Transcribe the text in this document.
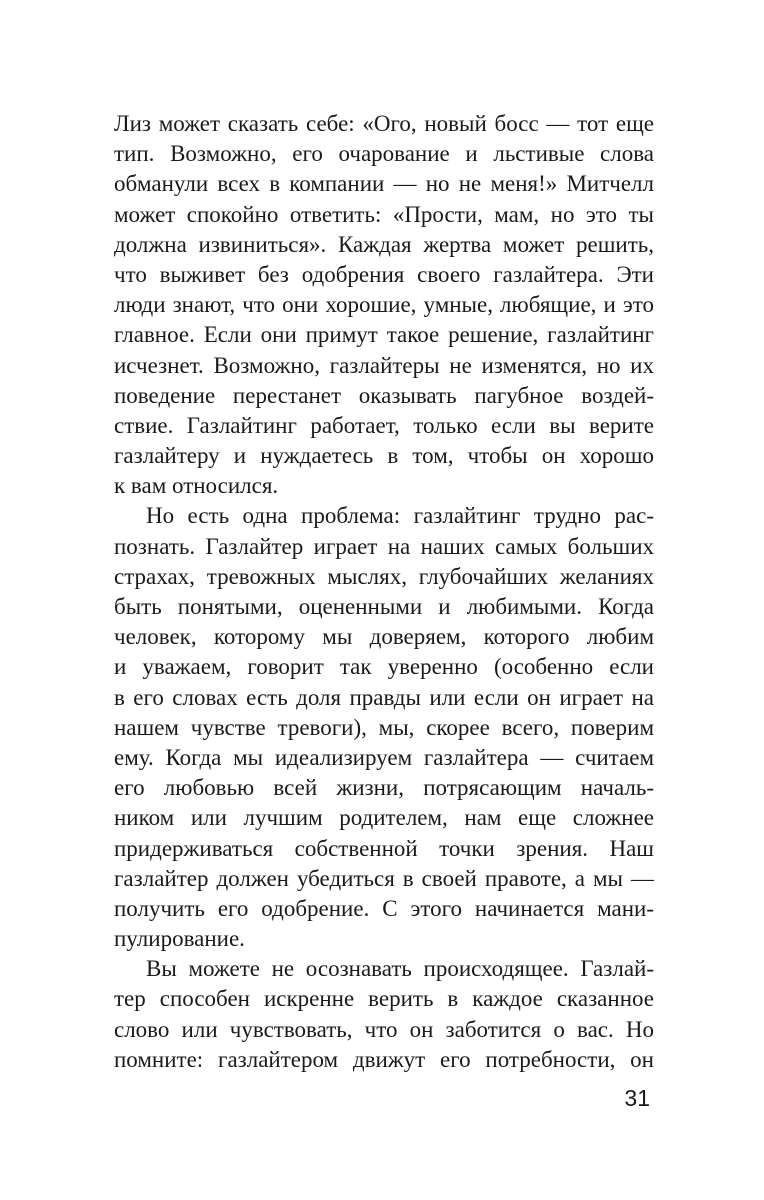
Лиз может сказать себе: «Ого, новый босс — тот еще
тип. Возможно, его очарование и льстивые слова
обманули всех в компании — но не меня!» Митчелл
может спокойно ответить: «Прости, мам, но это ты
должна извиниться». Каждая жертва может решить,
что выживет без одобрения своего газлайтера. Эти
люди знают, что они хорошие, умные, любящие, и это
главное. Если они примут такое решение, газлайтинг
исчезнет. Возможно, газлайтеры не изменятся, но их
поведение перестанет оказывать пагубное воздей-
ствие. Газлайтинг работает, только если вы верите
газлайтеру и нуждаетесь в том, чтобы он хорошо
к вам относился.
Но есть одна проблема: газлайтинг трудно рас-
познать. Газлайтер играет на наших самых больших
страхах, тревожных мыслях, глубочайших желаниях
быть понятыми, оцененными и любимыми. Когда
человек, которому мы доверяем, которого любим
и уважаем, говорит так уверенно (особенно если
в его словах есть доля правды или если он играет на
нашем чувстве тревоги), мы, скорее всего, поверим
ему. Когда мы идеализируем газлайтера — считаем
его любовью всей жизни, потрясающим началь-
ником или лучшим родителем, нам еще сложнее
придерживаться собственной точки зрения. Наш
газлайтер должен убедиться в своей правоте, а мы —
получить его одобрение. С этого начинается мани-
пулирование.
Вы можете не осознавать происходящее. Газлай-
тер способен искренне верить в каждое сказанное
слово или чувствовать, что он заботится о вас. Но
помните: газлайтером движут его потребности, он
31
